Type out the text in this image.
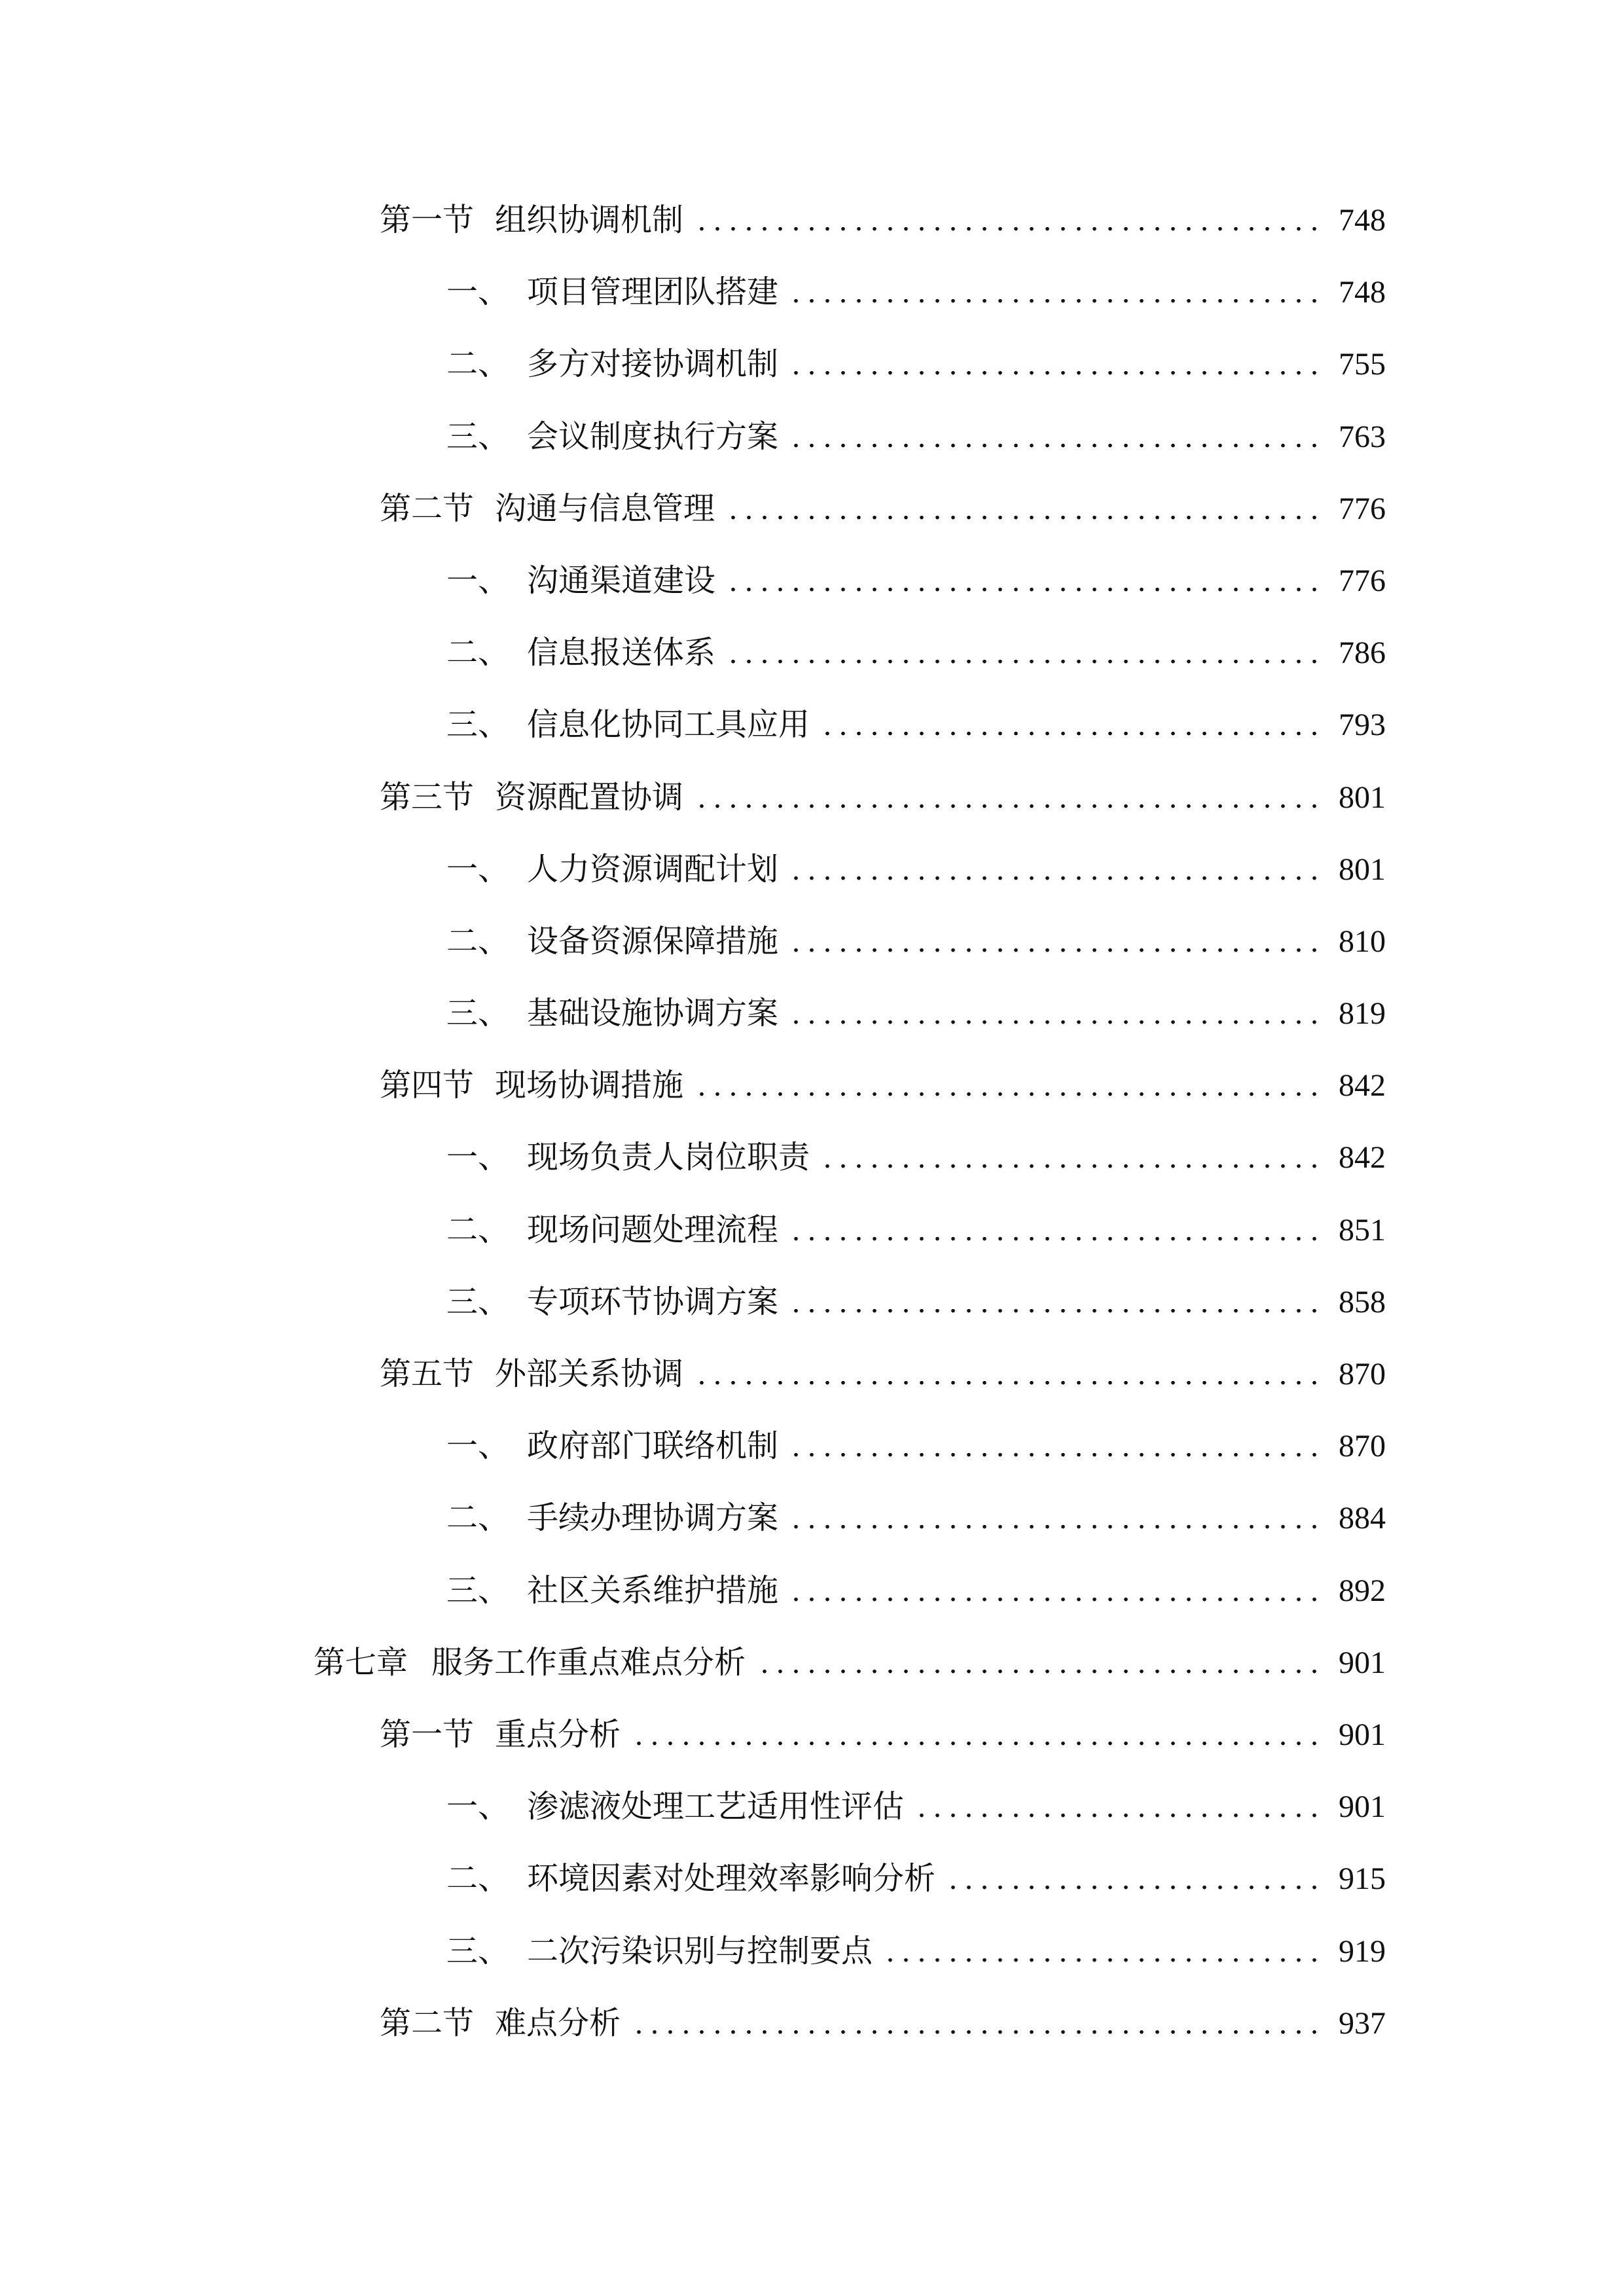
第一节 组织协调机制 . . .	748
一、 项目管理团队搭建 . . .	748
二、 多方对接协调机制 . . .	755
三、 会议制度执行方案 . . .	763
第二节 沟通与信息管理 . . .	776
一、 沟通渠道建设 . . .	776
二、 信息报送体系 . . .	786
三、 信息化协同工具应用 . . .	793
第三节 资源配置协调 . . .	801
一、 人力资源调配计划 . . .	801
二、 设备资源保障措施 . . .	810
三、 基础设施协调方案 . . .	819
第四节 现场协调措施 . . .	842
一、 现场负责人岗位职责 . . .	842
二、 现场问题处理流程 . . .	851
三、 专项环节协调方案 . . .	858
第五节 外部关系协调 . . .	870
一、 政府部门联络机制 . . .	870
二、 手续办理协调方案 . . .	884
三、 社区关系维护措施 . . .	892
第七章 服务工作重点难点分析 . . .	901
第一节 重点分析 . . .	901
一、 渗滤液处理工艺适用性评估 . . .	901
二、 环境因素对处理效率影响分析 . . .	915
三、 二次污染识别与控制要点 . . .	919
第二节 难点分析 . . .	937
